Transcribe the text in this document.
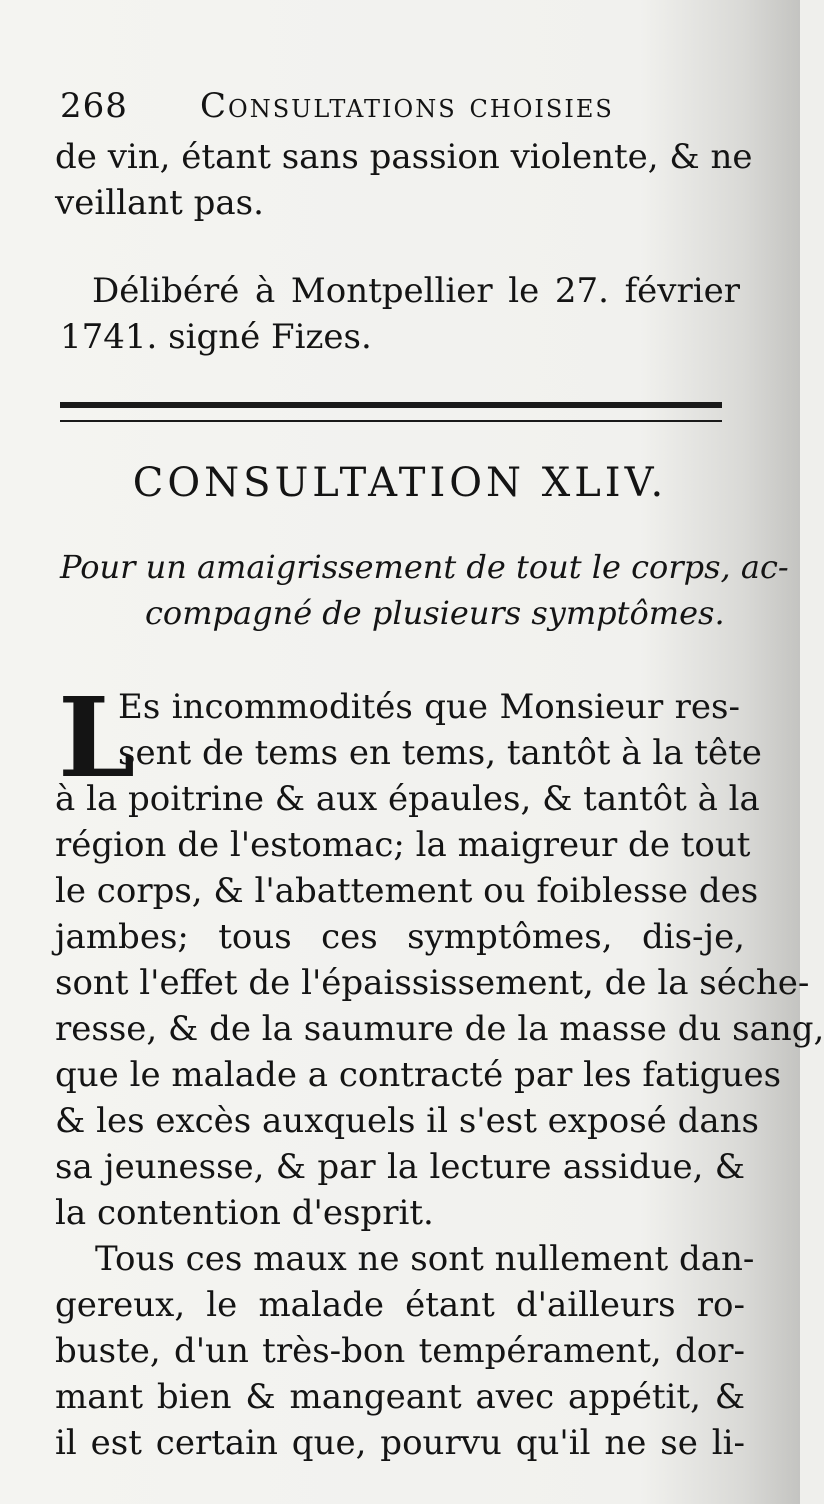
268 Consultations choisies
de vin, étant sans passion violente, & ne
veillant pas.
Délibéré à Montpellier le 27. février
1741. signé Fizes.
CONSULTATION XLIV.
Pour un amaigrissement de tout le corps, ac-
compagné de plusieurs symptômes.
L
Es incommodités que Monsieur res-
sent de tems en tems, tantôt à la tête
à la poitrine & aux épaules, & tantôt à la
région de l'estomac; la maigreur de tout
le corps, & l'abattement ou foiblesse des
jambes; tous ces symptômes, dis-je,
sont l'effet de l'épaississement, de la séche-
resse, & de la saumure de la masse du sang,
que le malade a contracté par les fatigues
& les excès auxquels il s'est exposé dans
sa jeunesse, & par la lecture assidue, &
la contention d'esprit.
Tous ces maux ne sont nullement dan-
gereux, le malade étant d'ailleurs ro-
buste, d'un très-bon tempérament, dor-
mant bien & mangeant avec appétit, &
il est certain que, pourvu qu'il ne se li-
